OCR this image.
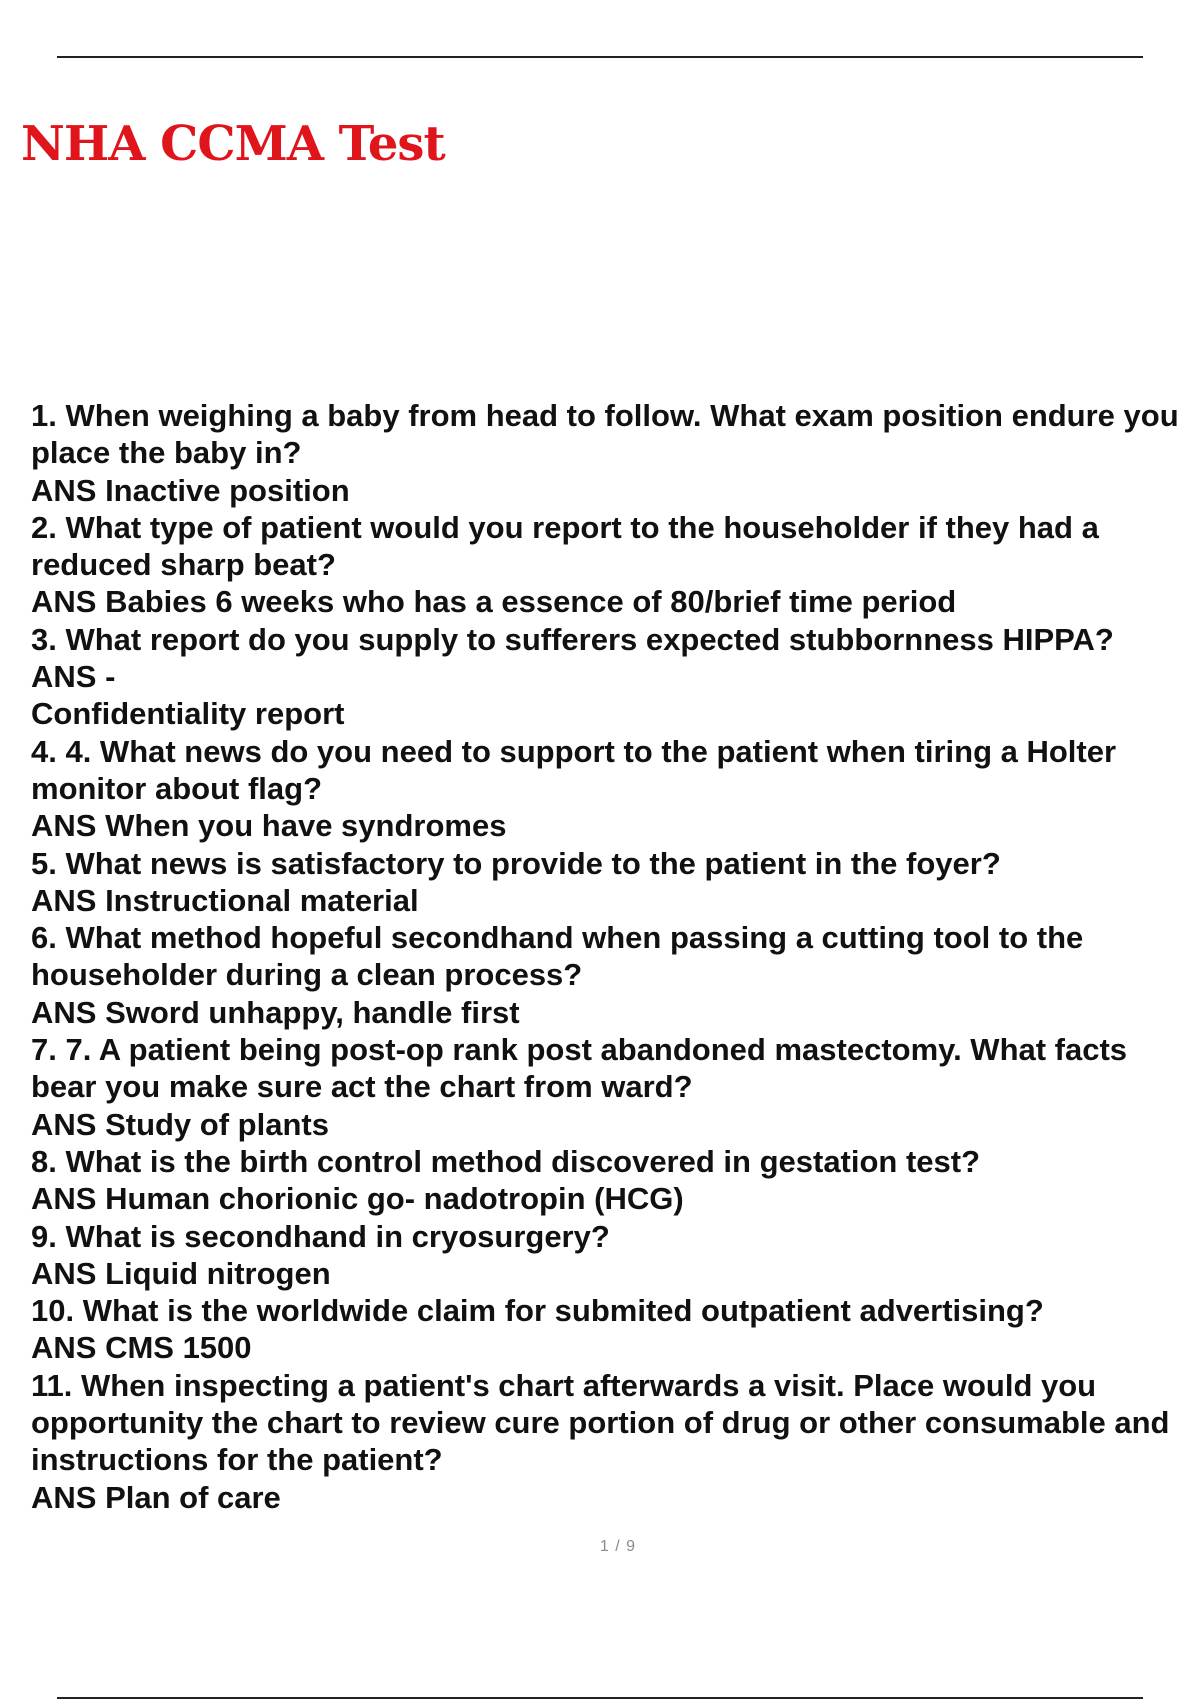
NHA CCMA Test
1. When weighing a baby from head to follow. What exam position endure you place the baby in?
ANS Inactive position
2. What type of patient would you report to the householder if they had a reduced sharp beat?
ANS Babies 6 weeks who has a essence of 80/brief time period
3. What report do you supply to sufferers expected stubbornness HIPPA?
ANS -
Confidentiality report
4. 4. What news do you need to support to the patient when tiring a Holter monitor about flag?
ANS When you have syndromes
5. What news is satisfactory to provide to the patient in the foyer?
ANS Instructional material
6. What method hopeful secondhand when passing a cutting tool to the householder during a clean process?
ANS Sword unhappy, handle first
7. 7. A patient being post-op rank post abandoned mastectomy. What facts bear you make sure act the chart from ward?
ANS Study of plants
8. What is the birth control method discovered in gestation test?
ANS Human chorionic go- nadotropin (HCG)
9. What is secondhand in cryosurgery?
ANS Liquid nitrogen
10. What is the worldwide claim for submited outpatient advertising?
ANS CMS 1500
11. When inspecting a patient's chart afterwards a visit. Place would you opportunity the chart to review cure portion of drug or other consumable and instructions for the patient?
ANS Plan of care
1 / 9
